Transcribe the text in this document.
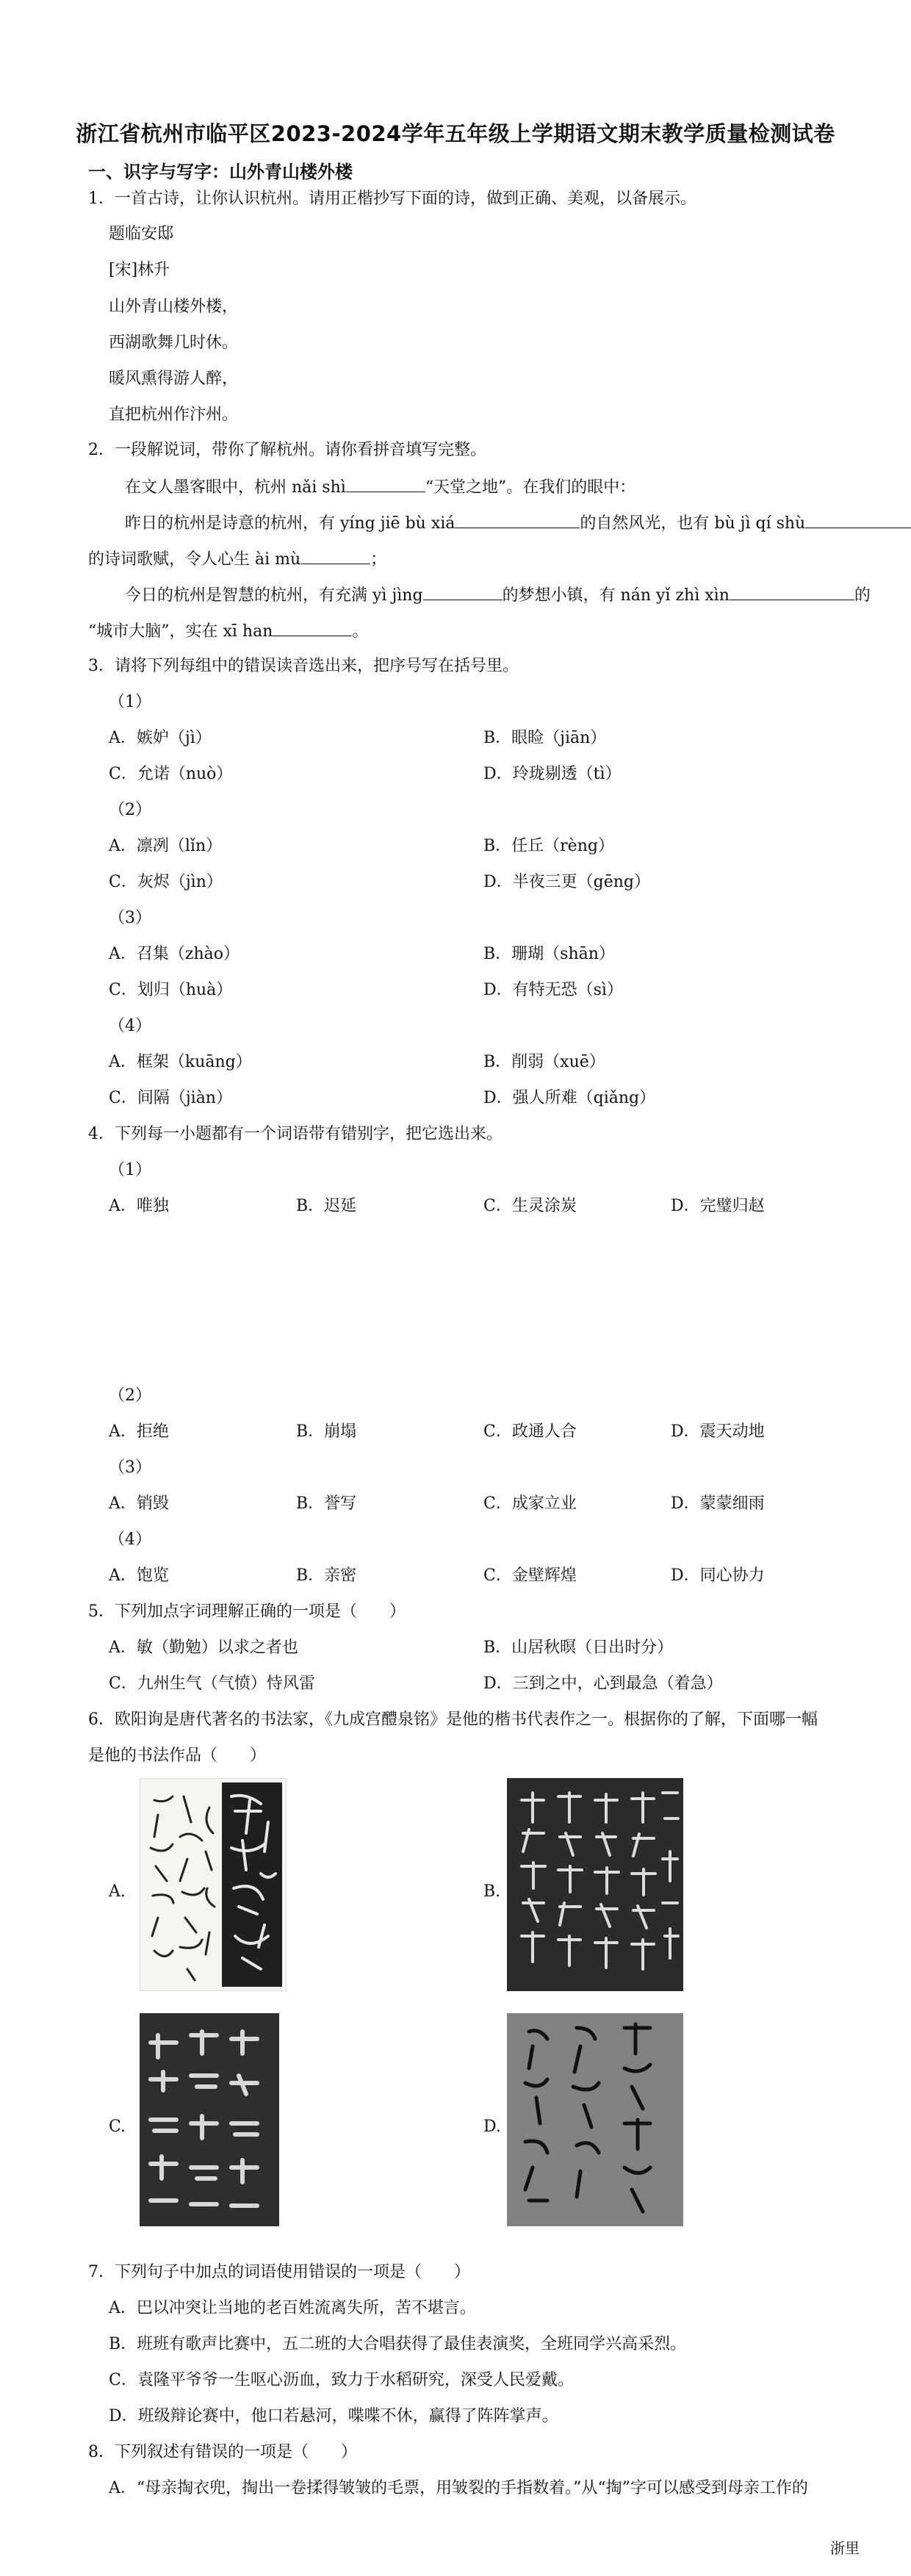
浙江省杭州市临平区2023-2024学年五年级上学期语文期末教学质量检测试卷
一、识字与写字：山外青山楼外楼
1．一首古诗，让你认识杭州。请用正楷抄写下面的诗，做到正确、美观，以备展示。
题临安邸
[宋]林升
山外青山楼外楼，
西湖歌舞几时休。
暖风熏得游人醉，
直把杭州作汴州。
2．一段解说词，带你了解杭州。请你看拼音填写完整。
在文人墨客眼中，杭州 nǎi shì	“天堂之地”。在我们的眼中：
昨日的杭州是诗意的杭州，有 yíng jiē bù xiá	的自然风光，也有 bù jì qí shù
的诗词歌赋，令人心生 ài mù	；
今日的杭州是智慧的杭州，有充满 yì jìng	的梦想小镇，有 nán yǐ zhì xìn	的
“城市大脑”，实在 xī han	。
3．请将下列每组中的错误读音选出来，把序号写在括号里。
（1）
A．嫉妒（jì）	B．眼睑（jiān）
C．允诺（nuò）	D．玲珑剔透（tì）
（2）
A．凛冽（lǐn）	B．任丘（rèng）
C．灰烬（jìn）	D．半夜三更（gēng）
（3）
A．召集（zhào）	B．珊瑚（shān）
C．划归（huà）	D．有特无恐（sì）
（4）
A．框架（kuāng）	B．削弱（xuē）
C．间隔（jiàn）	D．强人所难（qiǎng）
4．下列每一小题都有一个词语带有错别字，把它选出来。
（1）
A．唯独	B．迟延	C．生灵涂炭	D．完璧归赵
（2）
A．拒绝	B．崩塌	C．政通人合	D．震天动地
（3）
A．销毁	B．誉写	C．成家立业	D．蒙蒙细雨
（4）
A．饱览	B．亲密	C．金壁辉煌	D．同心协力
5．下列加点字词理解正确的一项是（　　）
A．敏（勤勉）以求之者也	B．山居秋暝（日出时分）
C．九州生气（气愤）恃风雷	D．三到之中，心到最急（着急）
6．欧阳询是唐代著名的书法家，《九成宫醴泉铭》是他的楷书代表作之一。根据你的了解，下面哪一幅
是他的书法作品（　　）
A.	B.
C.	D.
7．下列句子中加点的词语使用错误的一项是（　　）
A．巴以冲突让当地的老百姓流离失所，苦不堪言。
B．班班有歌声比赛中，五二班的大合唱获得了最佳表演奖，全班同学兴高采烈。
C．袁隆平爷爷一生呕心沥血，致力于水稻研究，深受人民爱戴。
D．班级辩论赛中，他口若悬河，喋喋不休，赢得了阵阵掌声。
8．下列叙述有错误的一项是（　　）
A．“母亲掏衣兜，掏出一卷揉得皱皱的毛票，用皱裂的手指数着。”从“掏”字可以感受到母亲工作的
浙里
